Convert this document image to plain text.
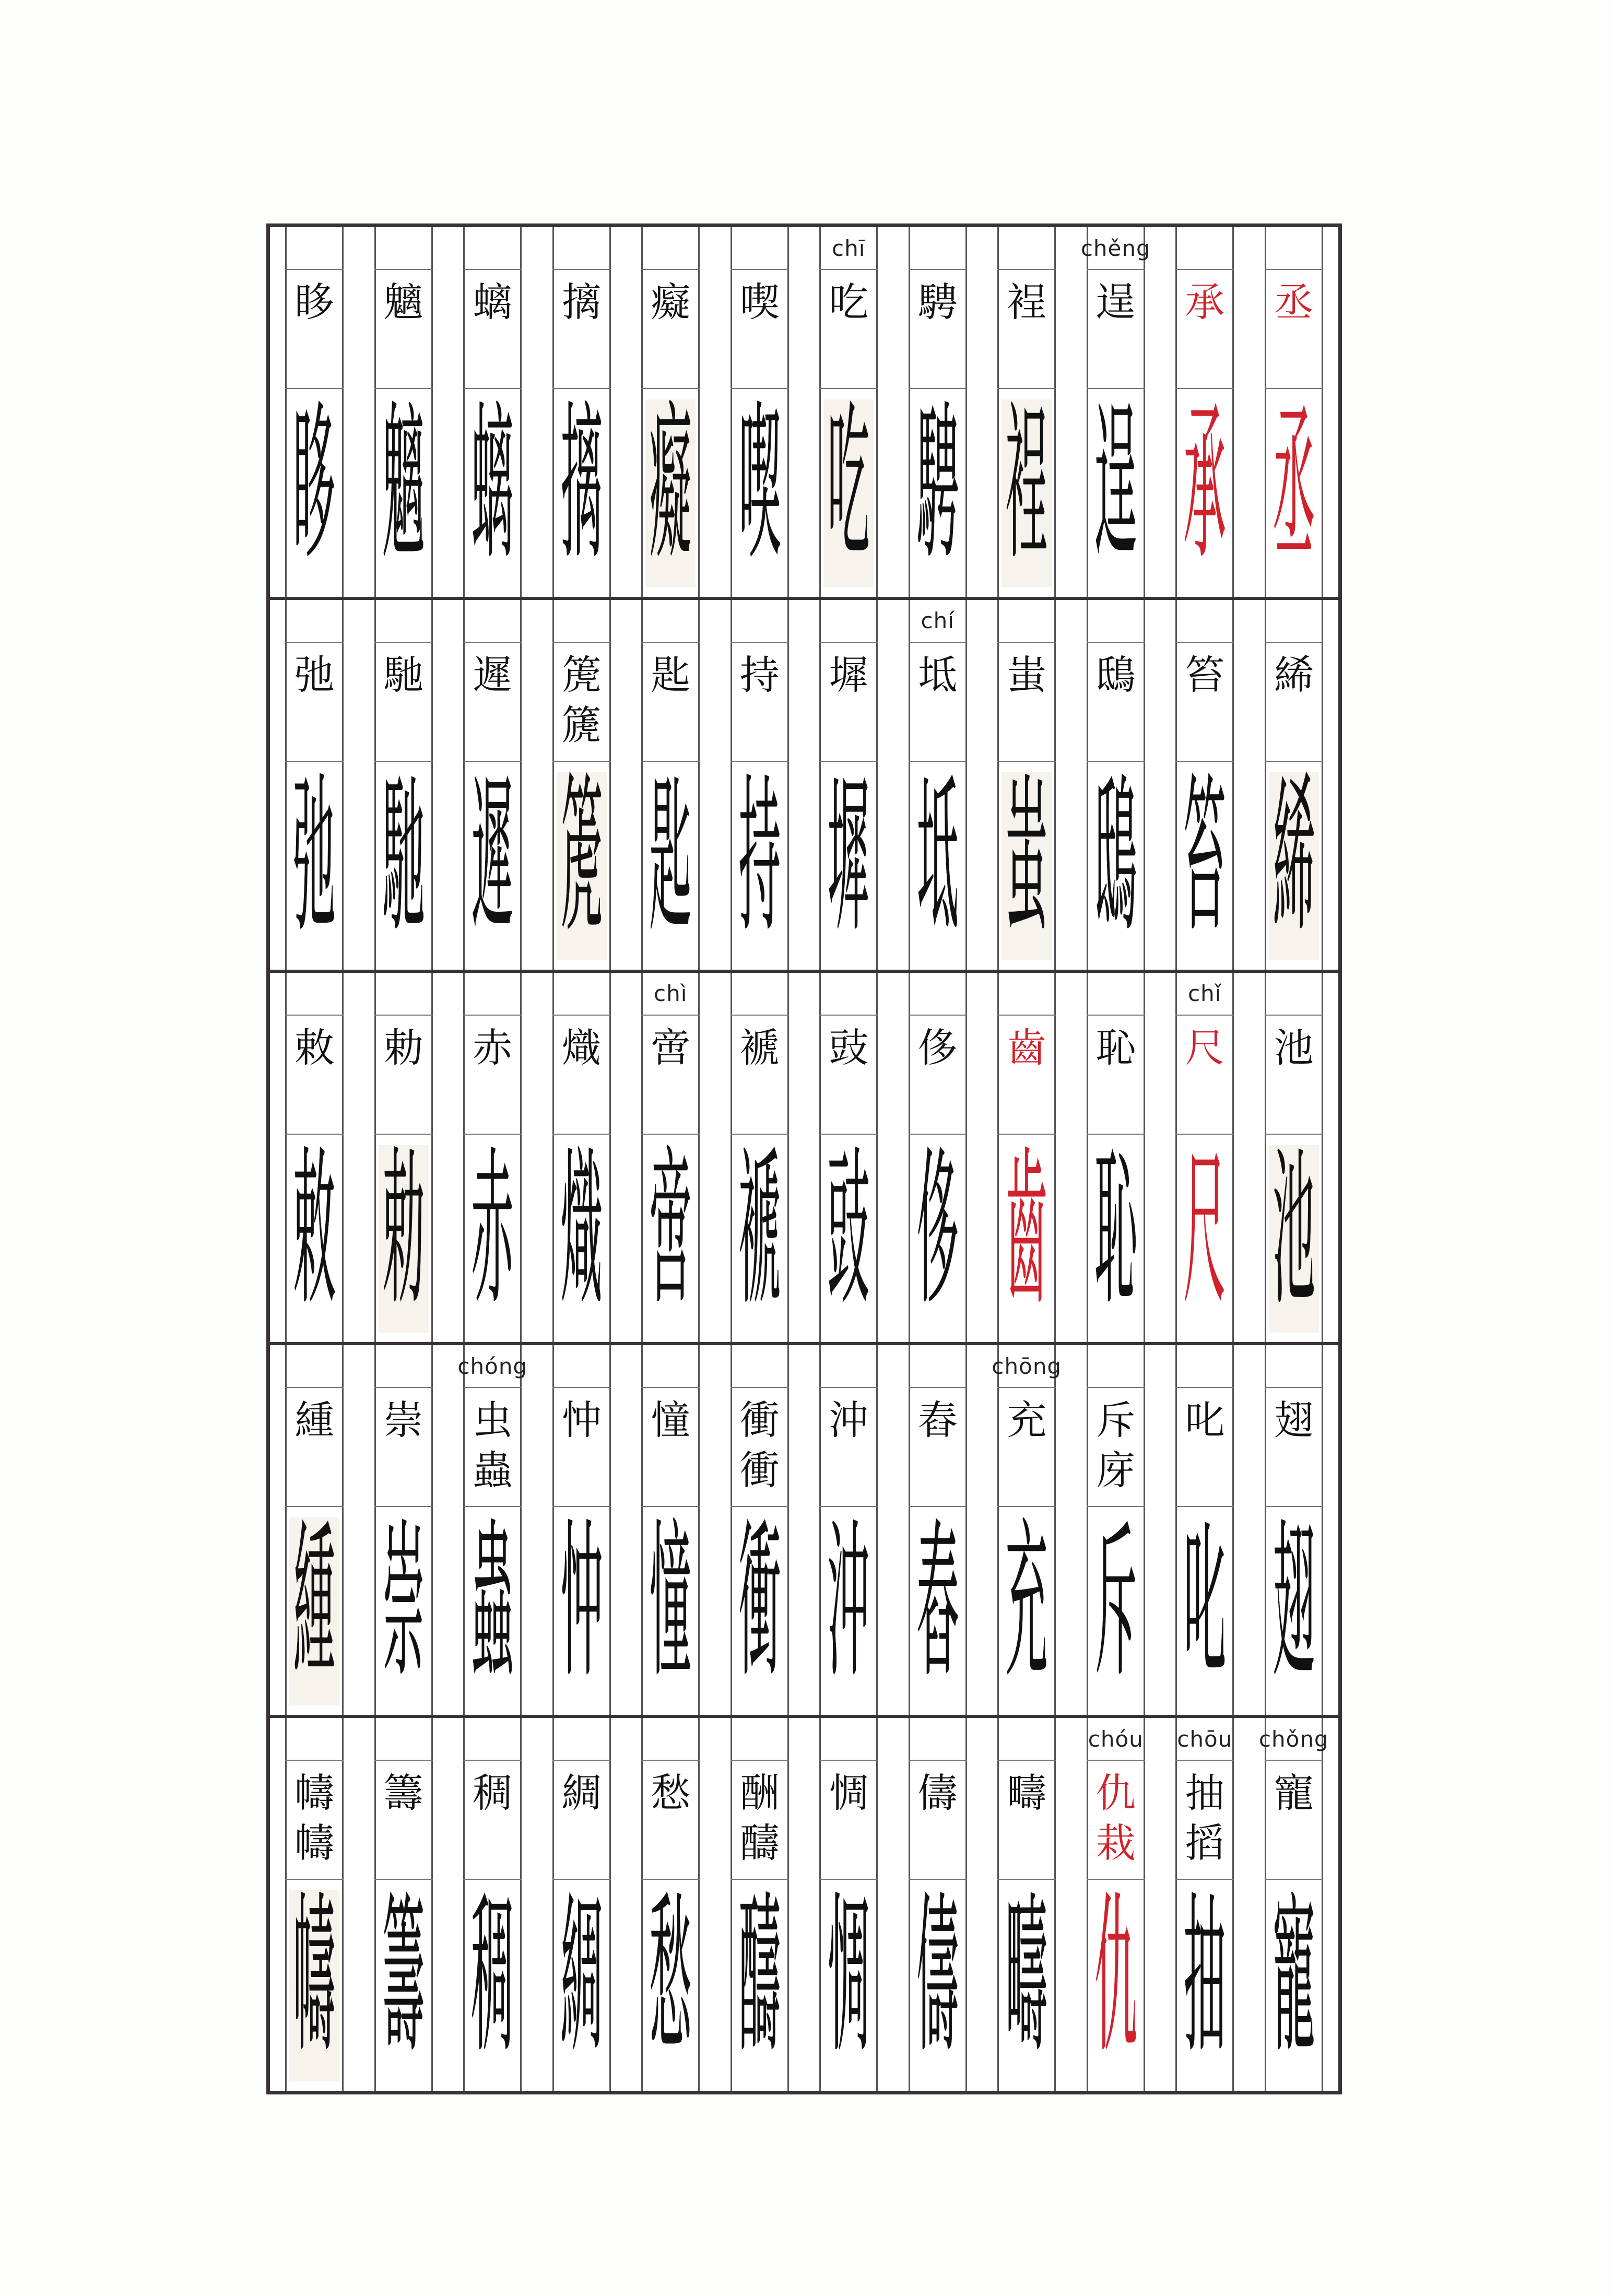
眵
眵
魑
魑
螭
螭
摛
摛
癡
癡
喫
喫
chī
吃
吃
騁
騁
裎
裎
chěng
逞
逞
承
承
丞
丞
弛
弛
馳
馳
遲
遲
箎
篪
箎
匙
匙
持
持
墀
墀
chí
坻
坻
蚩
蚩
鴟
鴟
笞
笞
絺
絺
敕
敕
勅
勅
赤
赤
熾
熾
chì
啻
啻
褫
褫
豉
豉
侈
侈
齒
齒
恥
恥
chǐ
尺
尺
池
池
緟
緟
崇
崇
chóng
虫
蟲
蟲
忡
忡
憧
憧
衝
衝
衝
沖
沖
舂
舂
chōng
充
充
斥
庌
斥
叱
叱
翅
翅
幬
幬
幬
籌
籌
稠
稠
綢
綢
愁
愁
酬
醻
醻
惆
惆
儔
儔
疇
疇
chóu
仇
栽
仇
chōu
抽
搯
抽
chǒng
寵
寵
